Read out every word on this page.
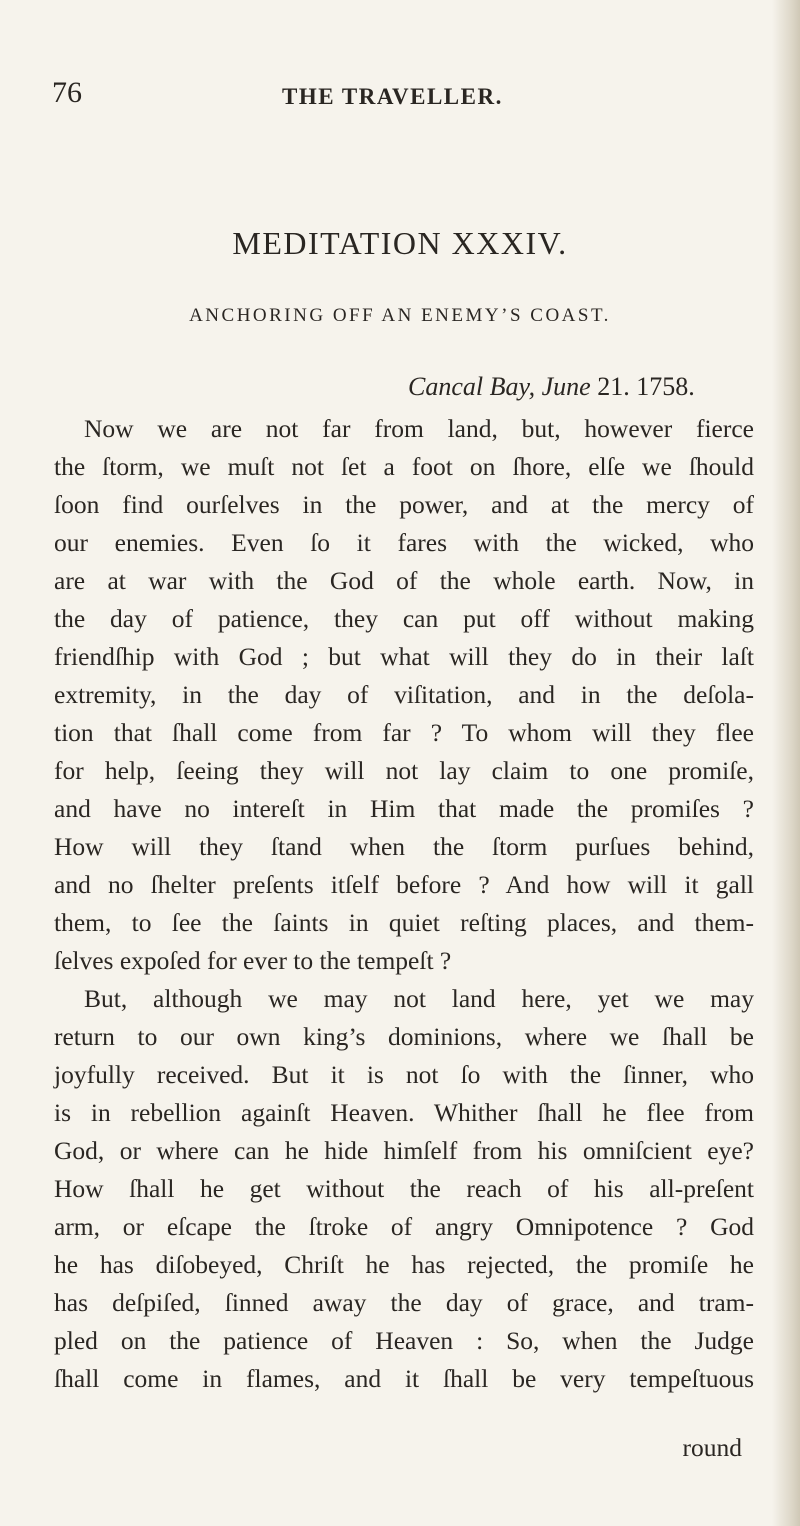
76	THE TRAVELLER.
MEDITATION XXXIV.
ANCHORING OFF AN ENEMY’S COAST.
Cancal Bay, June 21. 1758.
Now we are not far from land, but, however fierce
the ſtorm, we muſt not ſet a foot on ſhore, elſe we ſhould
ſoon find ourſelves in the power, and at the mercy of
our enemies. Even ſo it fares with the wicked, who
are at war with the God of the whole earth. Now, in
the day of patience, they can put off without making
friendſhip with God ; but what will they do in their laſt
extremity, in the day of viſitation, and in the deſola-
tion that ſhall come from far ? To whom will they flee
for help, ſeeing they will not lay claim to one promiſe,
and have no intereſt in Him that made the promiſes ?
How will they ſtand when the ſtorm purſues behind,
and no ſhelter preſents itſelf before ? And how will it gall
them, to ſee the ſaints in quiet reſting places, and them-
ſelves expoſed for ever to the tempeſt ?
But, although we may not land here, yet we may
return to our own king’s dominions, where we ſhall be
joyfully received. But it is not ſo with the ſinner, who
is in rebellion againſt Heaven. Whither ſhall he flee from
God, or where can he hide himſelf from his omniſcient eye?
How ſhall he get without the reach of his all-preſent
arm, or eſcape the ſtroke of angry Omnipotence ? God
he has diſobeyed, Chriſt he has rejected, the promiſe he
has deſpiſed, ſinned away the day of grace, and tram-
pled on the patience of Heaven : So, when the Judge
ſhall come in flames, and it ſhall be very tempeſtuous
round
